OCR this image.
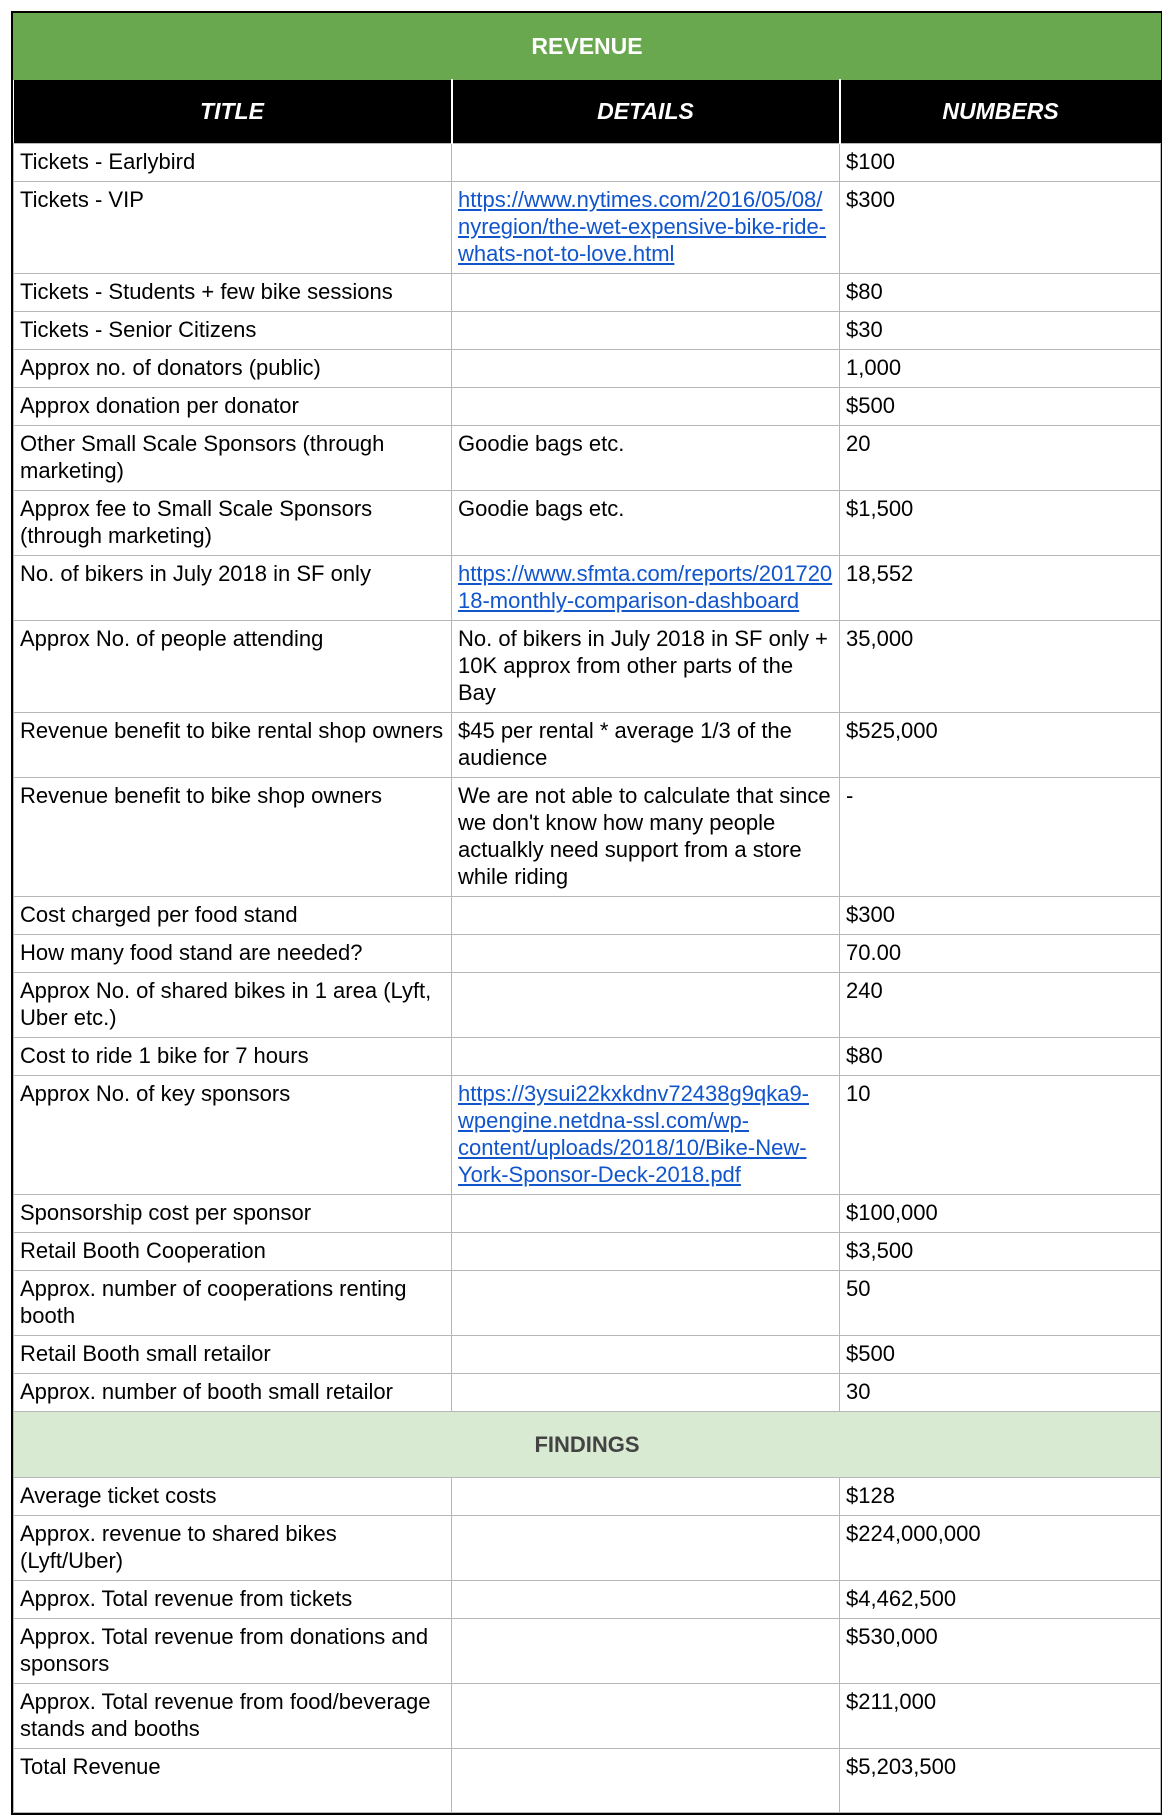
REVENUE		
TITLE	DETAILS	NUMBERS
Tickets - Earlybird		$100
Tickets - VIP	https://www.nytimes.com/2016/05/08/nyregion/the-wet-expensive-bike-ride-whats-not-to-love.html	$300
Tickets - Students + few bike sessions		$80
Tickets - Senior Citizens		$30
Approx no. of donators (public)		1,000
Approx donation per donator		$500
Other Small Scale Sponsors (through marketing)	Goodie bags etc.	20
Approx fee to Small Scale Sponsors (through marketing)	Goodie bags etc.	$1,500
No. of bikers in July 2018 in SF only	https://www.sfmta.com/reports/20172018-monthly-comparison-dashboard	18,552
Approx No. of people attending	No. of bikers in July 2018 in SF only + 10K approx from other parts of the Bay	35,000
Revenue benefit to bike rental shop owners	$45 per rental * average 1/3 of the audience	$525,000
Revenue benefit to bike shop owners	We are not able to calculate that since we don't know how many people actualkly need support from a store while riding	-
Cost charged per food stand		$300
How many food stand are needed?		70.00
Approx No. of shared bikes in 1 area (Lyft, Uber etc.)		240
Cost to ride 1 bike for 7 hours		$80
Approx No. of key sponsors	https://3ysui22kxkdnv72438g9qka9-wpengine.netdna-ssl.com/wp-content/uploads/2018/10/Bike-New-York-Sponsor-Deck-2018.pdf	10
Sponsorship cost per sponsor		$100,000
Retail Booth Cooperation		$3,500
Approx. number of cooperations renting booth		50
Retail Booth small retailor		$500
Approx. number of booth small retailor		30
FINDINGS		
Average ticket costs		$128
Approx. revenue to shared bikes (Lyft/Uber)		$224,000,000
Approx. Total revenue from tickets		$4,462,500
Approx. Total revenue from donations and sponsors		$530,000
Approx. Total revenue from food/beverage stands and booths		$211,000
Total Revenue		$5,203,500
